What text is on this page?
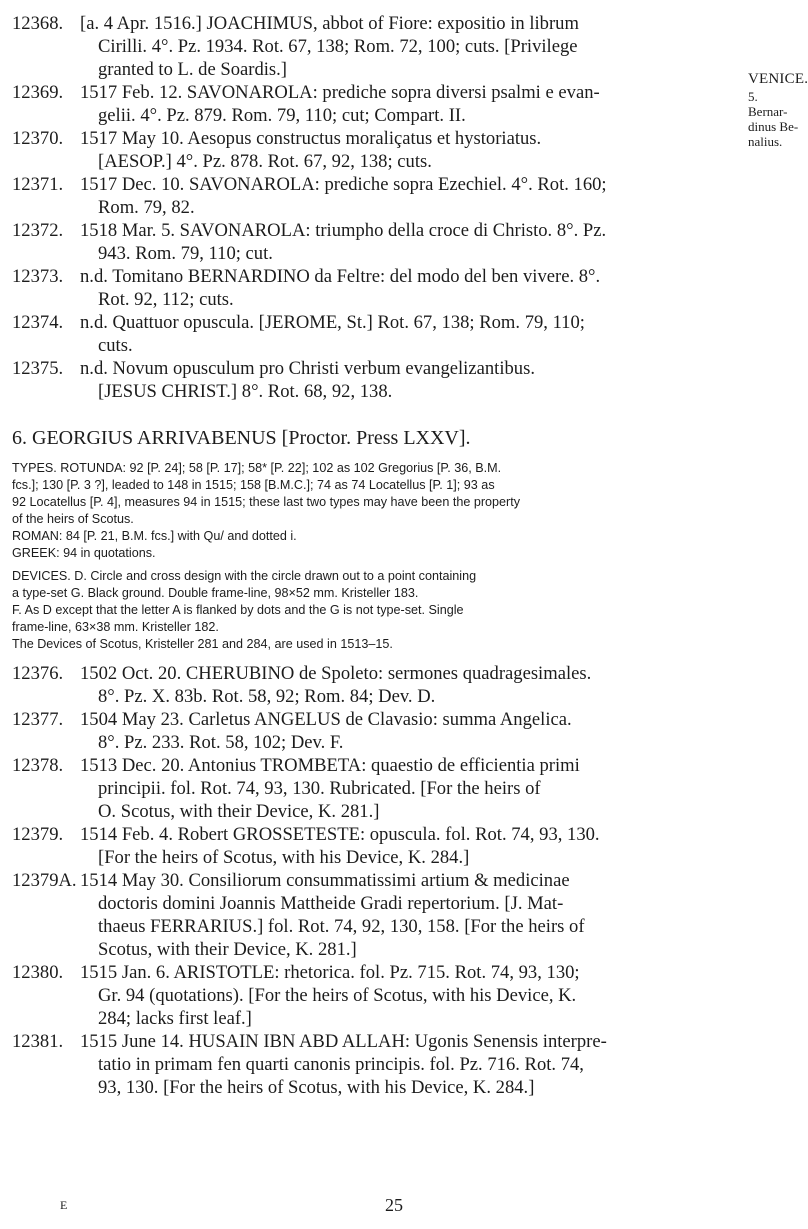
12368. [a. 4 Apr. 1516.] JOACHIMUS, abbot of Fiore: expositio in librum
Cirilli. 4°. Pz. 1934. Rot. 67, 138; Rom. 72, 100; cuts. [Privilege
granted to L. de Soardis.]
12369. 1517 Feb. 12. SAVONAROLA: prediche sopra diversi psalmi e evan-
gelii. 4°. Pz. 879. Rom. 79, 110; cut; Compart. II.
12370. 1517 May 10. Aesopus constructus moraliçatus et hystoriatus.
[AESOP.] 4°. Pz. 878. Rot. 67, 92, 138; cuts.
12371. 1517 Dec. 10. SAVONAROLA: prediche sopra Ezechiel. 4°. Rot. 160;
Rom. 79, 82.
12372. 1518 Mar. 5. SAVONAROLA: triumpho della croce di Christo. 8°. Pz.
943. Rom. 79, 110; cut.
12373. n.d. Tomitano BERNARDINO da Feltre: del modo del ben vivere. 8°.
Rot. 92, 112; cuts.
12374. n.d. Quattuor opuscula. [JEROME, St.] Rot. 67, 138; Rom. 79, 110;
cuts.
12375. n.d. Novum opusculum pro Christi verbum evangelizantibus.
[JESUS CHRIST.] 8°. Rot. 68, 92, 138.
VENICE.
5. Bernar-
dinus Be-
nalius.
6. GEORGIUS ARRIVABENUS [Proctor. Press LXXV].
TYPES. ROTUNDA: 92 [P. 24]; 58 [P. 17]; 58* [P. 22]; 102 as 102 Gregorius [P. 36, B.M.
fcs.]; 130 [P. 3 ?], leaded to 148 in 1515; 158 [B.M.C.]; 74 as 74 Locatellus [P. 1]; 93 as
92 Locatellus [P. 4], measures 94 in 1515; these last two types may have been the property
of the heirs of Scotus.
ROMAN: 84 [P. 21, B.M. fcs.] with Qu/ and dotted i.
GREEK: 94 in quotations.
DEVICES. D. Circle and cross design with the circle drawn out to a point containing
a type-set G. Black ground. Double frame-line, 98×52 mm. Kristeller 183.
F. As D except that the letter A is flanked by dots and the G is not type-set. Single
frame-line, 63×38 mm. Kristeller 182.
The Devices of Scotus, Kristeller 281 and 284, are used in 1513–15.
12376. 1502 Oct. 20. CHERUBINO de Spoleto: sermones quadragesimales.
8°. Pz. X. 83b. Rot. 58, 92; Rom. 84; Dev. D.
12377. 1504 May 23. Carletus ANGELUS de Clavasio: summa Angelica.
8°. Pz. 233. Rot. 58, 102; Dev. F.
12378. 1513 Dec. 20. Antonius TROMBETA: quaestio de efficientia primi
principii. fol. Rot. 74, 93, 130. Rubricated. [For the heirs of
O. Scotus, with their Device, K. 281.]
12379. 1514 Feb. 4. Robert GROSSETESTE: opuscula. fol. Rot. 74, 93, 130.
[For the heirs of Scotus, with his Device, K. 284.]
12379A. 1514 May 30. Consiliorum consummatissimi artium & medicinae
doctoris domini Joannis Mattheide Gradi repertorium. [J. Mat-
thaeus FERRARIUS.] fol. Rot. 74, 92, 130, 158. [For the heirs of
Scotus, with their Device, K. 281.]
12380. 1515 Jan. 6. ARISTOTLE: rhetorica. fol. Pz. 715. Rot. 74, 93, 130;
Gr. 94 (quotations). [For the heirs of Scotus, with his Device, K.
284; lacks first leaf.]
12381. 1515 June 14. HUSAIN IBN ABD ALLAH: Ugonis Senensis interpre-
tatio in primam fen quarti canonis principis. fol. Pz. 716. Rot. 74,
93, 130. [For the heirs of Scotus, with his Device, K. 284.]
E	25
